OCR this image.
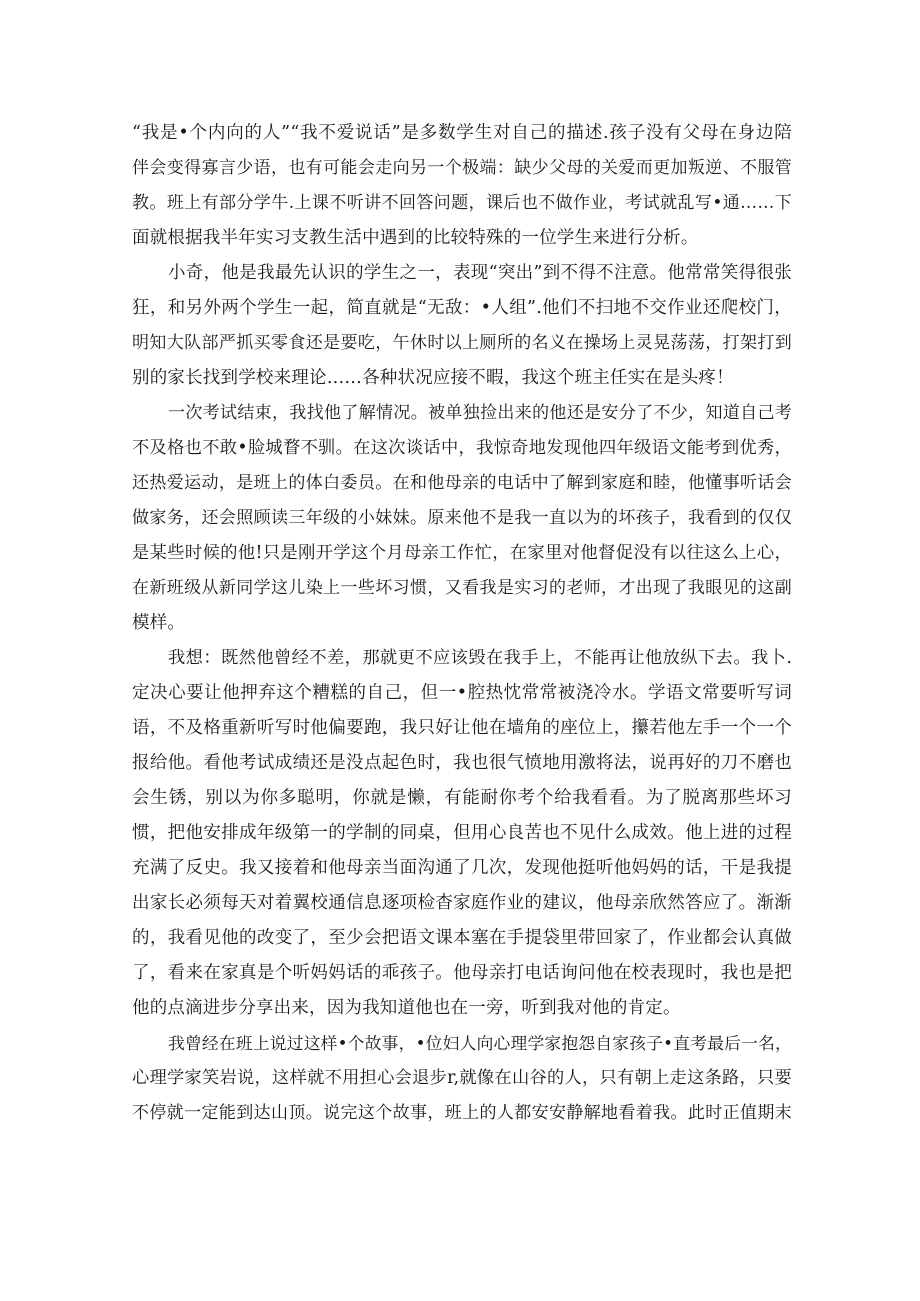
“我是•个内向的人”“我不爱说话”是多数学生对自己的描述.孩子没有父母在身边陪
伴会变得寡言少语，也有可能会走向另一个极端：缺少父母的关爱而更加叛逆、不服管
教。班上有部分学牛.上课不听讲不回答问题，课后也不做作业，考试就乱写•通……下
面就根据我半年实习支教生活中遇到的比较特殊的一位学生来进行分析。
小奇，他是我最先认识的学生之一，表现“突出”到不得不注意。他常常笑得很张
狂，和另外两个学生一起，简直就是“无敌：•人组”.他们不扫地不交作业还爬校门，
明知大队部严抓买零食还是要吃，午休时以上厕所的名义在操场上灵晃荡荡，打架打到
别的家长找到学校来理论……各种状况应接不暇，我这个班主任实在是头疼！
一次考试结束，我找他了解情况。被单独捡出来的他还是安分了不少，知道自己考
不及格也不敢•脸城瞀不驯。在这次谈话中，我惊奇地发现他四年级语文能考到优秀，
还热爱运动，是班上的体白委员。在和他母亲的电话中了解到家庭和睦，他懂事听话会
做家务，还会照顾读三年级的小妹妹。原来他不是我一直以为的坏孩子，我看到的仅仅
是某些时候的他!只是刚开学这个月母亲工作忙，在家里对他督促没有以往这么上心，
在新班级从新同学这儿染上一些坏习惯，又看我是实习的老师，才出现了我眼见的这副
模样。
我想：既然他曾经不差，那就更不应该毁在我手上，不能再让他放纵下去。我卜.
定决心要让他押弃这个糟糕的自己，但一•腔热忱常常被浇冷水。学语文常要听写词
语，不及格重新听写时他偏要跑，我只好让他在墙角的座位上，攥若他左手一个一个
报给他。看他考试成绩还是没点起色时，我也很气愤地用激将法，说再好的刀不磨也
会生锈，别以为你多聪明，你就是懒，有能耐你考个给我看看。为了脱离那些坏习
惯，把他安排成年级第一的学制的同桌，但用心良苦也不见什么成效。他上进的过程
充满了反史。我又接着和他母亲当面沟通了几次，发现他挺听他妈妈的话，干是我提
出家长必须每天对着翼校通信息逐项检杳家庭作业的建议，他母亲欣然答应了。渐渐
的，我看见他的改变了，至少会把语文课本塞在手提袋里带回家了，作业都会认真做
了，看来在家真是个听妈妈话的乖孩子。他母亲打电话询问他在校表现时，我也是把
他的点滴进步分享出来，因为我知道他也在一旁，听到我对他的肯定。
我曾经在班上说过这样•个故事，•位妇人向心理学家抱怨自家孩子•直考最后一名，
心理学家笑岩说，这样就不用担心会退步r,就像在山谷的人，只有朝上走这条路，只要
不停就一定能到达山顶。说完这个故事，班上的人都安安静解地看着我。此时正值期末
